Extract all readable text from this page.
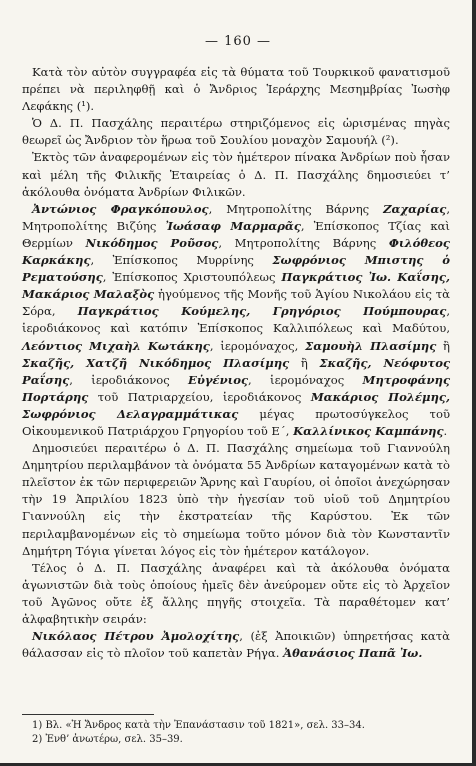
— 160 —

Κατὰ τὸν αὐτὸν συγγραφέα εἰς τὰ θύματα τοῦ Τουρκικοῦ φανατισμοῦ πρέπει νὰ περιληφθῇ καὶ ὁ Ἄνδριος Ἱεράρχης Μεσημβρίας Ἰωσὴφ Λεφάκης (¹).

Ὁ Δ. Π. Πασχάλης περαιτέρω στηριζόμενος εἰς ὡρισμένας πηγὰς θεωρεῖ ὡς Ἄνδριον τὸν ἥρωα τοῦ Σουλίου μοναχὸν Σαμουήλ (²).

Ἐκτὸς τῶν ἀναφερομένων εἰς τὸν ἡμέτερον πίνακα Ἀνδρίων ποὺ ἦσαν καὶ μέλη τῆς Φιλικῆς Ἑταιρείας ὁ Δ. Π. Πασχάλης δημοσιεύει τ’ ἀκόλουθα ὀνόματα Ἀνδρίων Φιλικῶν.

Ἀντώνιος Φραγκόπουλος, Μητροπολίτης Βάρνης Ζαχαρίας, Μητροπολίτης Βιζύης Ἰωάσαφ Μαρμαρᾶς, Ἐπίσκοπος Τζίας καὶ Θερμίων Νικόδημος Ροῦσος, Μητροπολίτης Βάρνης Φιλόθεος Καρκάκης, Ἐπίσκοπος Μυρρίνης Σωφρόνιος Μπιστης ὁ Ρεματούσης, Ἐπίσκοπος Χριστουπόλεως Παγκράτιος Ἰω. Καΐσης, Μακάριος Μαλαξὸς ἡγούμενος τῆς Μονῆς τοῦ Ἁγίου Νικολάου εἰς τὰ Σόρα, Παγκράτιος Κούμελης, Γρηγόριος Πούμπουρας, ἱεροδιάκονος καὶ κατόπιν Ἐπίσκοπος Καλλιπόλεως καὶ Μαδύτου, Λεόντιος Μιχαὴλ Κωτάκης, ἱερομόναχος, Σαμουὴλ Πλασίμης ἢ Σκαζῆς, Χατζῆ Νικόδημος Πλασίμης ἢ Σκαζῆς, Νεόφυτος Ραΐσης, ἱεροδιάκονος Εὐγένιος, ἱερομόναχος Μητροφάνης Πορτάρης τοῦ Πατριαρχείου, ἱεροδιάκονος Μακάριος Πολέμης, Σωφρόνιος Δελαγραμμάτικας μέγας πρωτοσύγκελος τοῦ Οἰκουμενικοῦ Πατριάρχου Γρηγορίου τοῦ Ε΄, Καλλίνικος Καμπάνης.

Δημοσιεύει περαιτέρω ὁ Δ. Π. Πασχάλης σημείωμα τοῦ Γιαννούλη Δημητρίου περιλαμβάνον τὰ ὀνόματα 55 Ἀνδρίων καταγομένων κατὰ τὸ πλεῖστον ἐκ τῶν περιφερειῶν Ἄρνης καὶ Γαυρίου, οἱ ὁποῖοι ἀνεχώρησαν τὴν 19 Ἀπριλίου 1823 ὑπὸ τὴν ἡγεσίαν τοῦ υἱοῦ τοῦ Δημητρίου Γιαννούλη εἰς τὴν ἐκστρατείαν τῆς Καρύστου. Ἐκ τῶν περιλαμβανομένων εἰς τὸ σημείωμα τοῦτο μόνον διὰ τὸν Κωνσταντῖν Δημήτρη Τόγια γίνεται λόγος εἰς τὸν ἡμέτερον κατάλογον.

Τέλος ὁ Δ. Π. Πασχάλης ἀναφέρει καὶ τὰ ἀκόλουθα ὀνόματα ἀγωνιστῶν διὰ τοὺς ὁποίους ἡμεῖς δὲν ἀνεύρομεν οὔτε εἰς τὸ Ἀρχεῖον τοῦ Ἀγῶνος οὔτε ἐξ ἄλλης πηγῆς στοιχεῖα. Τὰ παραθέτομεν κατ’ ἀλφαβητικὴν σειράν:

Νικόλαος Πέτρου Ἀμολοχίτης, (ἐξ Ἀποικιῶν) ὑπηρετήσας κατὰ θάλασσαν εἰς τὸ πλοῖον τοῦ καπετὰν Ρήγα. Ἀθανάσιος Παπᾶ Ἰω.

1) Βλ. «Ἡ Ἄνδρος κατὰ τὴν Ἐπανάστασιν τοῦ 1821», σελ. 33–34.
2) Ἐνθ’ ἀνωτέρω, σελ. 35–39.
